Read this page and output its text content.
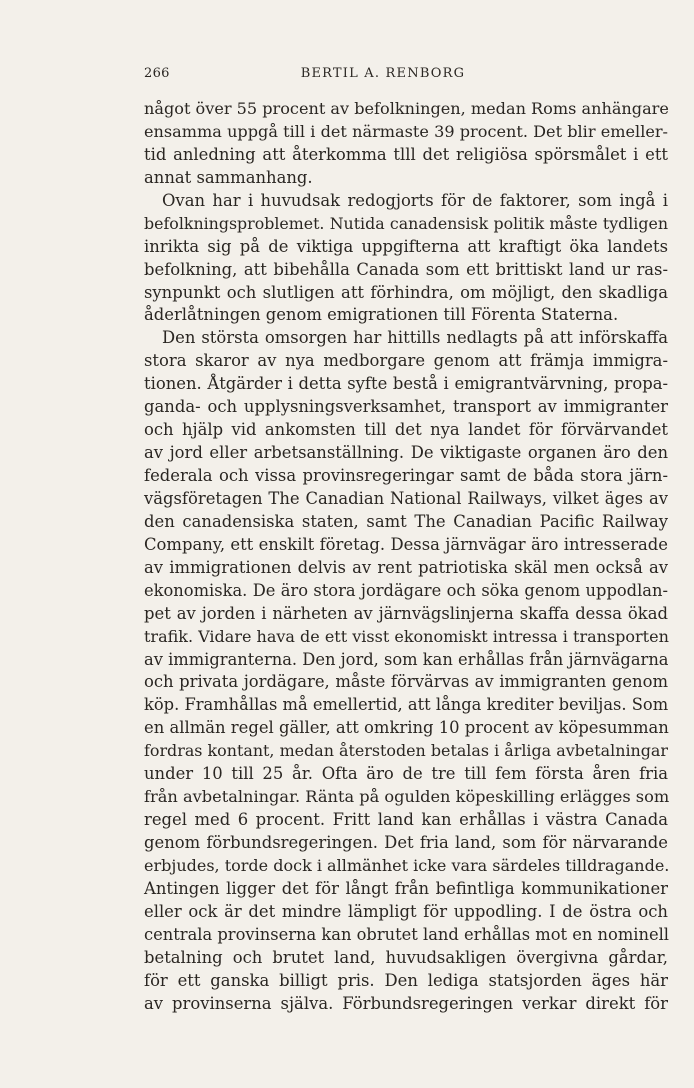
266	BERTIL A. RENBORG
något över 55 procent av befolkningen, medan Roms anhängare
ensamma uppgå till i det närmaste 39 procent. Det blir emeller-
tid anledning att återkomma tlll det religiösa spörsmålet i ett
annat sammanhang.
Ovan har i huvudsak redogjorts för de faktorer, som ingå i
befolkningsproblemet. Nutida canadensisk politik måste tydligen
inrikta sig på de viktiga uppgifterna att kraftigt öka landets
befolkning, att bibehålla Canada som ett brittiskt land ur ras-
synpunkt och slutligen att förhindra, om möjligt, den skadliga
åderlåtningen genom emigrationen till Förenta Staterna.
Den största omsorgen har hittills nedlagts på att införskaffa
stora skaror av nya medborgare genom att främja immigra-
tionen. Åtgärder i detta syfte bestå i emigrantvärvning, propa-
ganda- och upplysningsverksamhet, transport av immigranter
och hjälp vid ankomsten till det nya landet för förvärvandet
av jord eller arbetsanställning. De viktigaste organen äro den
federala och vissa provinsregeringar samt de båda stora järn-
vägsföretagen The Canadian National Railways, vilket äges av
den canadensiska staten, samt The Canadian Pacific Railway
Company, ett enskilt företag. Dessa järnvägar äro intresserade
av immigrationen delvis av rent patriotiska skäl men också av
ekonomiska. De äro stora jordägare och söka genom uppodlan-
pet av jorden i närheten av järnvägslinjerna skaffa dessa ökad
trafik. Vidare hava de ett visst ekonomiskt intressa i transporten
av immigranterna. Den jord, som kan erhållas från järnvägarna
och privata jordägare, måste förvärvas av immigranten genom
köp. Framhållas må emellertid, att långa krediter beviljas. Som
en allmän regel gäller, att omkring 10 procent av köpesumman
fordras kontant, medan återstoden betalas i årliga avbetalningar
under 10 till 25 år. Ofta äro de tre till fem första åren fria
från avbetalningar. Ränta på ogulden köpeskilling erlägges som
regel med 6 procent. Fritt land kan erhållas i västra Canada
genom förbundsregeringen. Det fria land, som för närvarande
erbjudes, torde dock i allmänhet icke vara särdeles tilldragande.
Antingen ligger det för långt från befintliga kommunikationer
eller ock är det mindre lämpligt för uppodling. I de östra och
centrala provinserna kan obrutet land erhållas mot en nominell
betalning och brutet land, huvudsakligen övergivna gårdar,
för ett ganska billigt pris. Den lediga statsjorden äges här
av provinserna själva. Förbundsregeringen verkar direkt för
